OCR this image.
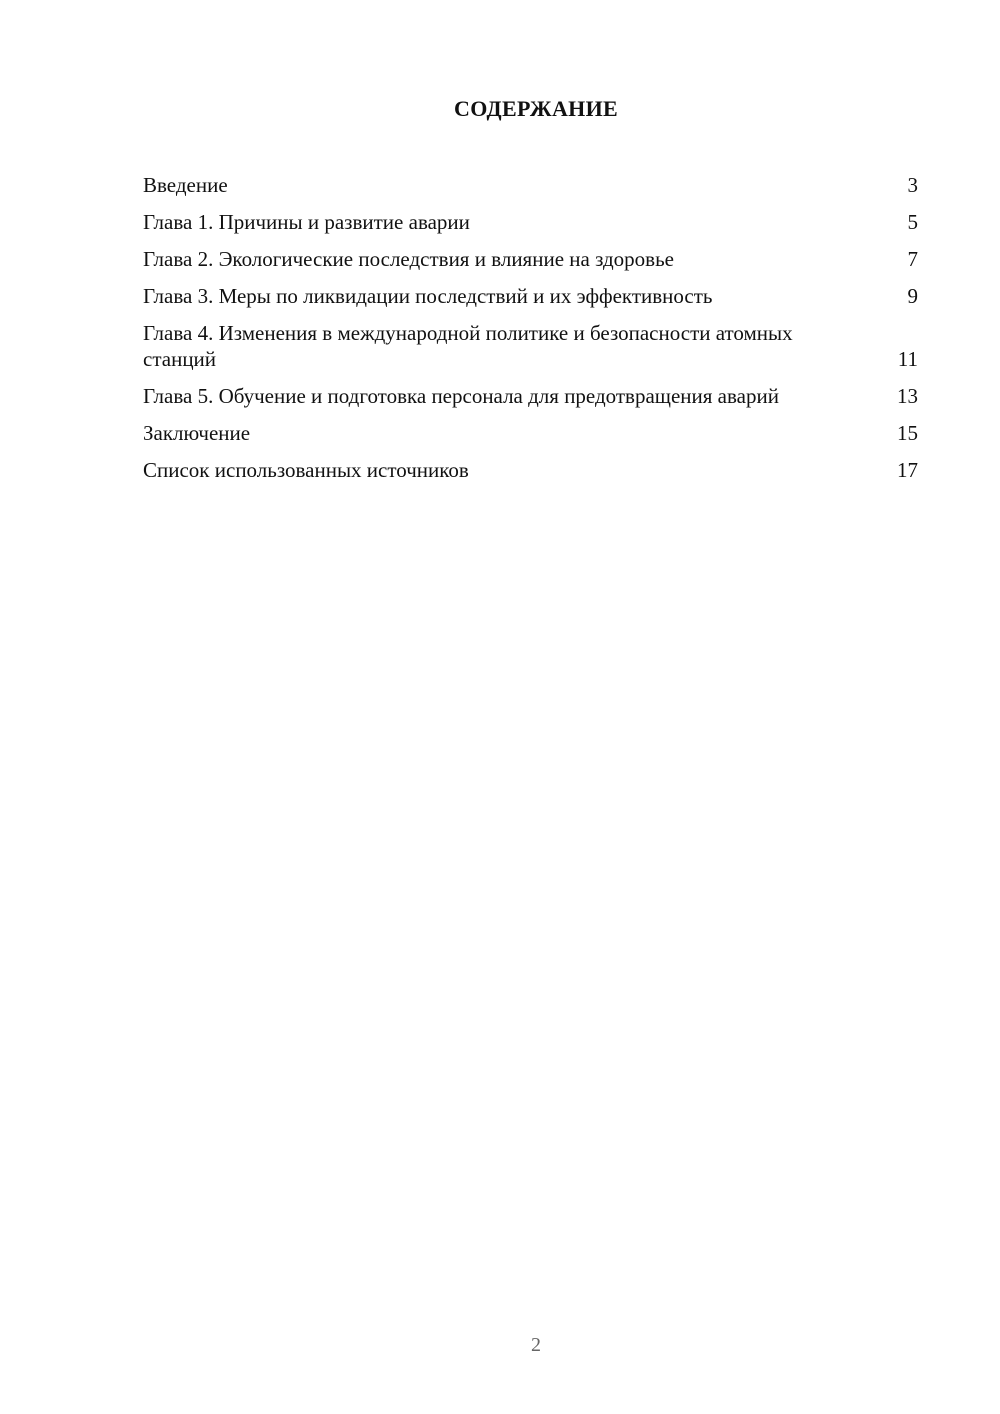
СОДЕРЖАНИЕ
Введение	3
Глава 1. Причины и развитие аварии	5
Глава 2. Экологические последствия и влияние на здоровье	7
Глава 3. Меры по ликвидации последствий и их эффективность	9
Глава 4. Изменения в международной политике и безопасности атомных станций	11
Глава 5. Обучение и подготовка персонала для предотвращения аварий	13
Заключение	15
Список использованных источников	17
2
